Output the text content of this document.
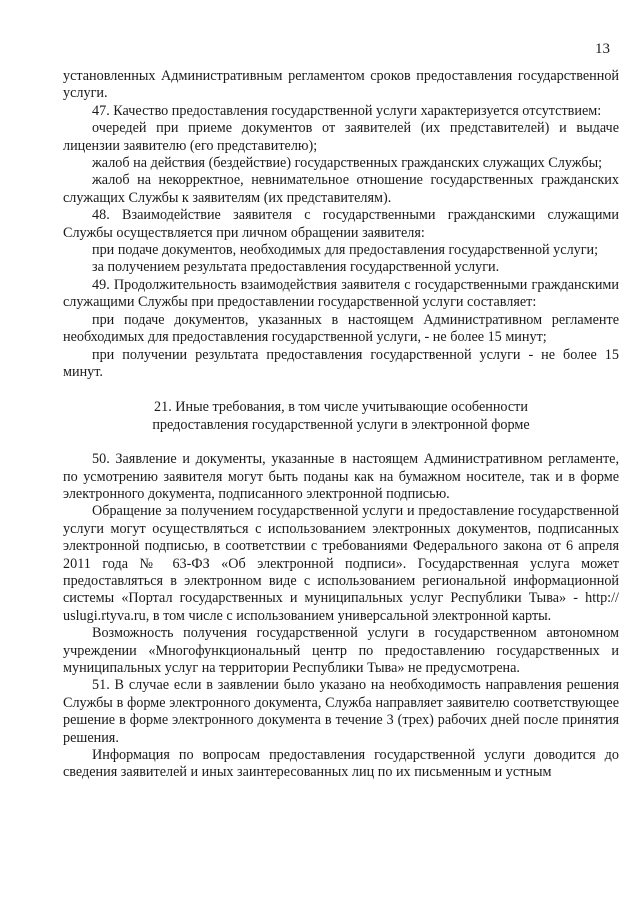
13

установленных Административным регламентом сроков предоставления государственной услуги.

47. Качество предоставления государственной услуги характеризуется отсутствием:

очередей при приеме документов от заявителей (их представителей) и выдаче лицензии заявителю (его представителю);

жалоб на действия (бездействие) государственных гражданских служащих Службы;

жалоб на некорректное, невнимательное отношение государственных гражданских служащих Службы к заявителям (их представителям).

48. Взаимодействие заявителя с государственными гражданскими служащими Службы осуществляется при личном обращении заявителя:

при подаче документов, необходимых для предоставления государственной услуги;

за получением результата предоставления государственной услуги.

49. Продолжительность взаимодействия заявителя с государственными гражданскими служащими Службы при предоставлении государственной услуги составляет:

при подаче документов, указанных в настоящем Административном регламенте необходимых для предоставления государственной услуги, - не более 15 минут;

при получении результата предоставления государственной услуги - не более 15 минут.

21. Иные требования, в том числе учитывающие особенности
предоставления государственной услуги в электронной форме

50. Заявление и документы, указанные в настоящем Административном регламенте, по усмотрению заявителя могут быть поданы как на бумажном носителе, так и в форме электронного документа, подписанного электронной подписью.

Обращение за получением государственной услуги и предоставление государственной услуги могут осуществляться с использованием электронных документов, подписанных электронной подписью, в соответствии с требованиями Федерального закона от 6 апреля 2011 года № 63-ФЗ «Об электронной подписи». Государственная услуга может предоставляться в электронном виде с использованием региональной информационной системы «Портал государственных и муниципальных услуг Республики Тыва» - http:// uslugi.rtyva.ru, в том числе с использованием универсальной электронной карты.

Возможность получения государственной услуги в государственном автономном учреждении «Многофункциональный центр по предоставлению государственных и муниципальных услуг на территории Республики Тыва» не предусмотрена.

51. В случае если в заявлении было указано на необходимость направления решения Службы в форме электронного документа, Служба направляет заявителю соответствующее решение в форме электронного документа в течение 3 (трех) рабочих дней после принятия решения.

Информация по вопросам предоставления государственной услуги доводится до сведения заявителей и иных заинтересованных лиц по их письменным и устным
